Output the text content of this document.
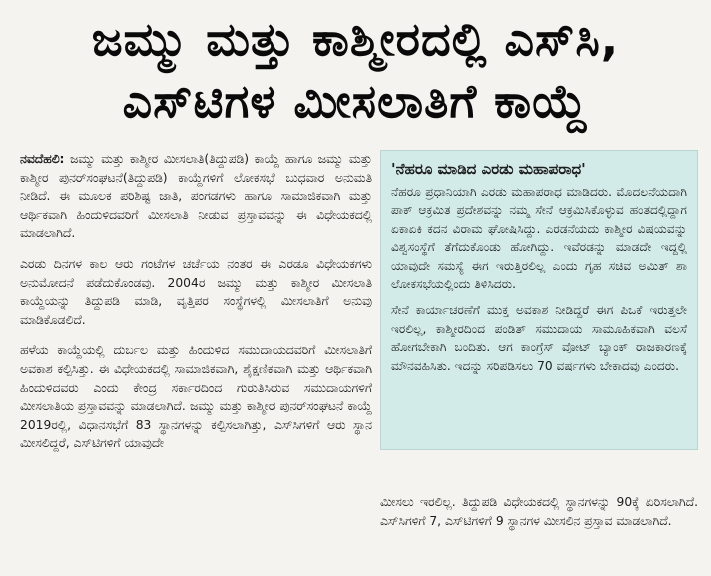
ಜಮ್ಮು ಮತ್ತು ಕಾಶ್ಮೀರದಲ್ಲಿ ಎಸ್‌ಸಿ,
ಎಸ್‌ಟಿಗಳ ಮೀಸಲಾತಿಗೆ ಕಾಯ್ದೆ

ನವದೆಹಲಿ: ಜಮ್ಮು ಮತ್ತು ಕಾಶ್ಮೀರ ಮೀಸಲಾತಿ(ತಿದ್ದುಪಡಿ) ಕಾಯ್ದೆ ಹಾಗೂ ಜಮ್ಮು ಮತ್ತು ಕಾಶ್ಮೀರ ಪುನರ್‌ಸಂಘಟನೆ(ತಿದ್ದುಪಡಿ) ಕಾಯ್ದೆಗಳಿಗೆ ಲೋಕಸಭೆ ಬುಧವಾರ ಅನುಮತಿ ನೀಡಿದೆ. ಈ ಮೂಲಕ ಪರಿಶಿಷ್ಟ ಜಾತಿ, ಪಂಗಡಗಳು ಹಾಗೂ ಸಾಮಾಜಿಕವಾಗಿ ಮತ್ತು ಆರ್ಥಿಕವಾಗಿ ಹಿಂದುಳಿದವರಿಗೆ ಮೀಸಲಾತಿ ನೀಡುವ ಪ್ರಸ್ತಾವವನ್ನು ಈ ವಿಧೇಯಕದಲ್ಲಿ ಮಾಡಲಾಗಿದೆ.

ಎರಡು ದಿನಗಳ ಕಾಲ ಆರು ಗಂಟೆಗಳ ಚರ್ಚೆಯ ನಂತರ ಈ ಎರಡೂ ವಿಧೇಯಕಗಳು ಅನುಮೋದನೆ ಪಡೆದುಕೊಂಡವು. 2004ರ ಜಮ್ಮು ಮತ್ತು ಕಾಶ್ಮೀರ ಮೀಸಲಾತಿ ಕಾಯ್ದೆಯನ್ನು ತಿದ್ದುಪಡಿ ಮಾಡಿ, ವೃತ್ತಿಪರ ಸಂಸ್ಥೆಗಳಲ್ಲಿ ಮೀಸಲಾತಿಗೆ ಅನುವು ಮಾಡಿಕೊಡಲಿದೆ.

ಹಳೆಯ ಕಾಯ್ದೆಯಲ್ಲಿ ದುರ್ಬಲ ಮತ್ತು ಹಿಂದುಳಿದ ಸಮುದಾಯದವರಿಗೆ ಮೀಸಲಾತಿಗೆ ಅವಕಾಶ ಕಲ್ಪಿಸಿತ್ತು. ಈ ವಿಧೇಯಕದಲ್ಲಿ ಸಾಮಾಜಿಕವಾಗಿ, ಶೈಕ್ಷಣಿಕವಾಗಿ ಮತ್ತು ಆರ್ಥಿಕವಾಗಿ ಹಿಂದುಳಿದವರು ಎಂದು ಕೇಂದ್ರ ಸರ್ಕಾರದಿಂದ ಗುರುತಿಸಿರುವ ಸಮುದಾಯಗಳಿಗೆ ಮೀಸಲಾತಿಯ ಪ್ರಸ್ತಾವವನ್ನು ಮಾಡಲಾಗಿದೆ. ಜಮ್ಮು ಮತ್ತು ಕಾಶ್ಮೀರ ಪುನರ್‌ಸಂಘಟನೆ ಕಾಯ್ದೆ 2019ರಲ್ಲಿ, ವಿಧಾನಸಭೆಗೆ 83 ಸ್ಥಾನಗಳನ್ನು ಕಲ್ಪಿಸಲಾಗಿತ್ತು, ಎಸ್‌ಸಿಗಳಿಗೆ ಆರು ಸ್ಥಾನ ಮೀಸಲಿದ್ದರೆ, ಎಸ್‌ಟಿಗಳಿಗೆ ಯಾವುದೇ

'ನೆಹರೂ ಮಾಡಿದ ಎರಡು ಮಹಾಪರಾಧ'

ನೆಹರೂ ಪ್ರಧಾನಿಯಾಗಿ ಎರಡು ಮಹಾಪರಾಧ ಮಾಡಿದರು. ಮೊದಲನೆಯದಾಗಿ ಪಾಕ್ ಆಕ್ರಮಿತ ಪ್ರದೇಶವನ್ನು ನಮ್ಮ ಸೇನೆ ಆಕ್ರಮಿಸಿಕೊಳ್ಳುವ ಹಂತದಲ್ಲಿದ್ದಾಗ ಏಕಾಏಕಿ ಕದನ ವಿರಾಮ ಘೋಷಿಸಿದ್ದು. ಎರಡನೆಯದು ಕಾಶ್ಮೀರ ವಿಷಯವನ್ನು ವಿಶ್ವಸಂಸ್ಥೆಗೆ ತೆಗೆದುಕೊಂಡು ಹೋಗಿದ್ದು. ಇವೆರಡನ್ನು ಮಾಡದೇ ಇದ್ದಲ್ಲಿ ಯಾವುದೇ ಸಮಸ್ಯೆ ಈಗ ಇರುತ್ತಿರಲಿಲ್ಲ ಎಂದು ಗೃಹ ಸಚಿವ ಅಮಿತ್ ಶಾ ಲೋಕಸಭೆಯಲ್ಲಿಂದು ತಿಳಿಸಿದರು.

ಸೇನೆ ಕಾರ್ಯಾಚರಣೆಗೆ ಮುಕ್ತ ಅವಕಾಶ ನೀಡಿದ್ದರೆ ಈಗ ಪಿಒಕೆ ಇರುತ್ತಲೇ ಇರಲಿಲ್ಲ, ಕಾಶ್ಮೀರದಿಂದ ಪಂಡಿತ್ ಸಮುದಾಯ ಸಾಮೂಹಿಕವಾಗಿ ವಲಸೆ ಹೋಗಬೇಕಾಗಿ ಬಂದಿತು. ಆಗ ಕಾಂಗ್ರೆಸ್ ವೋಟ್ ಬ್ಯಾಂಕ್ ರಾಜಕಾರಣಕ್ಕೆ ಮೌನವಹಿಸಿತು. ಇದನ್ನು ಸರಿಪಡಿಸಲು 70 ವರ್ಷಗಳು ಬೇಕಾದವು ಎಂದರು.

ಮೀಸಲು ಇರಲಿಲ್ಲ. ತಿದ್ದುಪಡಿ ವಿಧೇಯಕದಲ್ಲಿ ಸ್ಥಾನಗಳನ್ನು 90ಕ್ಕೆ ಏರಿಸಲಾಗಿದೆ. ಎಸ್‌ಸಿಗಳಿಗೆ 7, ಎಸ್‌ಟಿಗಳಿಗೆ 9 ಸ್ಥಾನಗಳ ಮೀಸಲಿನ ಪ್ರಸ್ತಾವ ಮಾಡಲಾಗಿದೆ.
